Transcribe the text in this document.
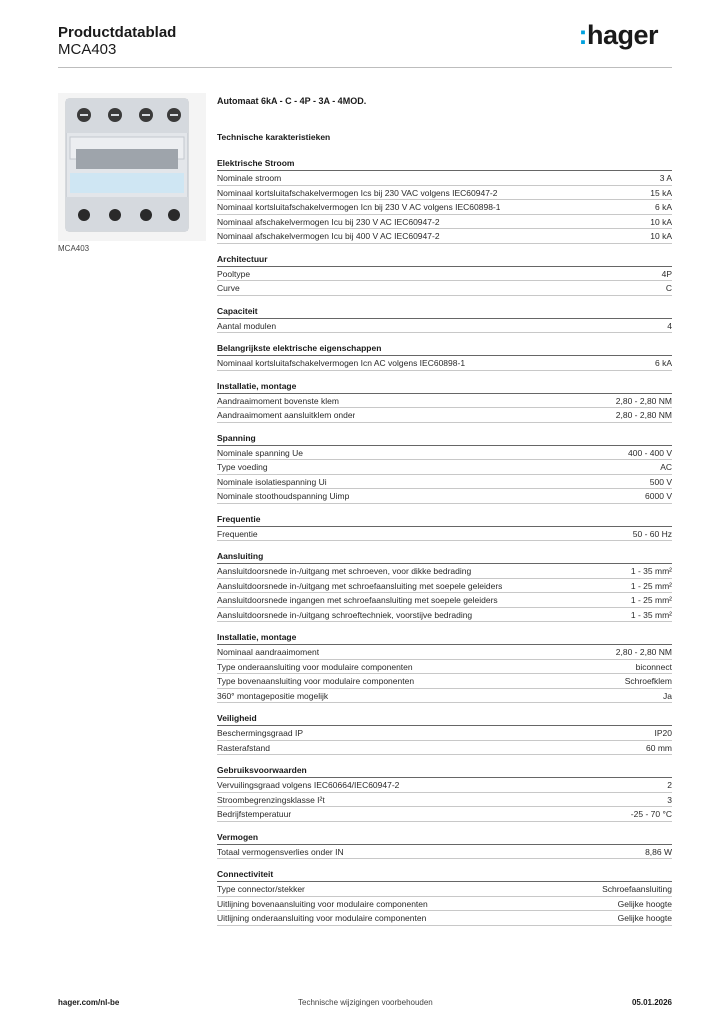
Productdatablad
MCA403	:hager
MCA403
Automaat 6kA - C - 4P - 3A - 4MOD.
Technische karakteristieken
Elektrische Stroom
Nominale stroom	3 A
Nominaal kortsluitafschakelvermogen Ics bij 230 VAC volgens IEC60947-2	15 kA
Nominaal kortsluitafschakelvermogen Icn bij 230 V AC volgens IEC60898-1	6 kA
Nominaal afschakelvermogen Icu bij 230 V AC IEC60947-2	10 kA
Nominaal afschakelvermogen Icu bij 400 V AC IEC60947-2	10 kA
Architectuur
Pooltype	4P
Curve	C
Capaciteit
Aantal modulen	4
Belangrijkste elektrische eigenschappen
Nominaal kortsluitafschakelvermogen Icn AC volgens IEC60898-1	6 kA
Installatie, montage
Aandraaimoment bovenste klem	2,80 - 2,80 NM
Aandraaimoment aansluitklem onder	2,80 - 2,80 NM
Spanning
Nominale spanning Ue	400 - 400 V
Type voeding	AC
Nominale isolatiespanning Ui	500 V
Nominale stoothoudspanning Uimp	6000 V
Frequentie
Frequentie	50 - 60 Hz
Aansluiting
Aansluitdoorsnede in-/uitgang met schroeven, voor dikke bedrading	1 - 35 mm²
Aansluitdoorsnede in-/uitgang met schroefaansluiting met soepele geleiders	1 - 25 mm²
Aansluitdoorsnede ingangen met schroefaansluiting met soepele geleiders	1 - 25 mm²
Aansluitdoorsnede in-/uitgang schroeftechniek, voorstijve bedrading	1 - 35 mm²
Installatie, montage
Nominaal aandraaimoment	2,80 - 2,80 NM
Type onderaansluiting voor modulaire componenten	biconnect
Type bovenaansluiting voor modulaire componenten	Schroefklem
360° montagepositie mogelijk	Ja
Veiligheid
Beschermingsgraad IP	IP20
Rasterafstand	60 mm
Gebruiksvoorwaarden
Vervuilingsgraad volgens IEC60664/IEC60947-2	2
Stroombegrenzingsklasse I²t	3
Bedrijfstemperatuur	-25 - 70 °C
Vermogen
Totaal vermogensverlies onder IN	8,86 W
Connectiviteit
Type connector/stekker	Schroefaansluiting
Uitlijning bovenaansluiting voor modulaire componenten	Gelijke hoogte
Uitlijning onderaansluiting voor modulaire componenten	Gelijke hoogte
hager.com/nl-be	Technische wijzigingen voorbehouden	05.01.2026
